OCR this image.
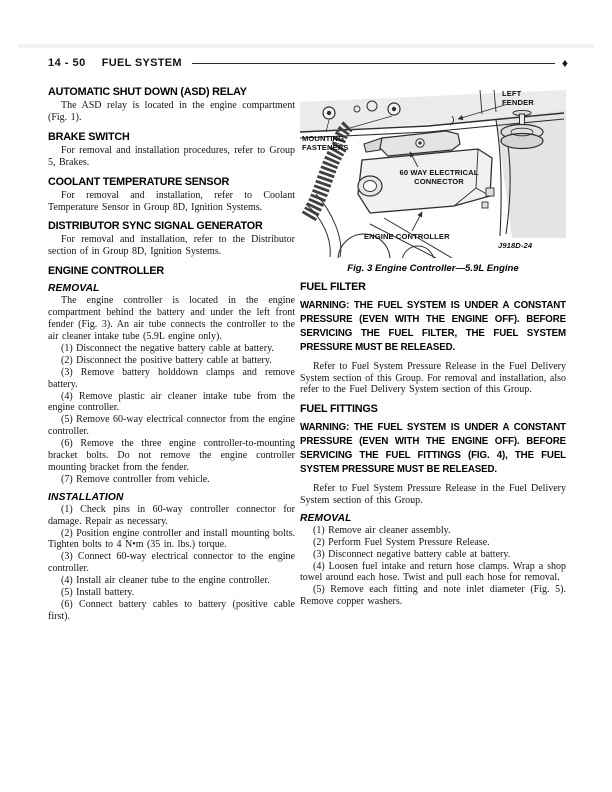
14 - 50 FUEL SYSTEM	♦
AUTOMATIC SHUT DOWN (ASD) RELAY

The ASD relay is located in the engine compartment (Fig. 1).

BRAKE SWITCH

For removal and installation procedures, refer to Group 5, Brakes.

COOLANT TEMPERATURE SENSOR

For removal and installation, refer to Coolant Temperature Sensor in Group 8D, Ignition Systems.

DISTRIBUTOR SYNC SIGNAL GENERATOR

For removal and installation, refer to the Distributor section of in Group 8D, Ignition Systems.

ENGINE CONTROLLER
REMOVAL

The engine controller is located in the engine compartment behind the battery and under the left front fender (Fig. 3). An air tube connects the controller to the air cleaner intake tube (5.9L engine only).

(1) Disconnect the negative battery cable at battery.

(2) Disconnect the positive battery cable at battery.

(3) Remove battery holddown clamps and remove battery.

(4) Remove plastic air cleaner intake tube from the engine controller.

(5) Remove 60-way electrical connector from the engine controller.

(6) Remove the three engine controller-to-mounting bracket bolts. Do not remove the engine controller mounting bracket from the fender.

(7) Remove controller from vehicle.

INSTALLATION

(1) Check pins in 60-way controller connector for damage. Repair as necessary.

(2) Position engine controller and install mounting bolts. Tighten bolts to 4 N•m (35 in. lbs.) torque.

(3) Connect 60-way electrical connector to the engine controller.

(4) Install air cleaner tube to the engine controller.

(5) Install battery.

(6) Connect battery cables to battery (positive cable first).

LEFT FENDER
MOUNTING FASTENERS
60 WAY ELECTRICAL CONNECTOR
ENGINE CONTROLLER
J918D-24
Fig. 3 Engine Controller—5.9L Engine
FUEL FILTER

WARNING: THE FUEL SYSTEM IS UNDER A CONSTANT PRESSURE (EVEN WITH THE ENGINE OFF). BEFORE SERVICING THE FUEL FILTER, THE FUEL SYSTEM PRESSURE MUST BE RELEASED.

Refer to Fuel System Pressure Release in the Fuel Delivery System section of this Group. For removal and installation, also refer to the Fuel Delivery System section of this Group.

FUEL FITTINGS

WARNING: THE FUEL SYSTEM IS UNDER A CONSTANT PRESSURE (EVEN WITH THE ENGINE OFF). BEFORE SERVICING THE FUEL FITTINGS (FIG. 4), THE FUEL SYSTEM PRESSURE MUST BE RELEASED.

Refer to Fuel System Pressure Release in the Fuel Delivery System section of this Group.

REMOVAL

(1) Remove air cleaner assembly.

(2) Perform Fuel System Pressure Release.

(3) Disconnect negative battery cable at battery.

(4) Loosen fuel intake and return hose clamps. Wrap a shop towel around each hose. Twist and pull each hose for removal.

(5) Remove each fitting and note inlet diameter (Fig. 5). Remove copper washers.
